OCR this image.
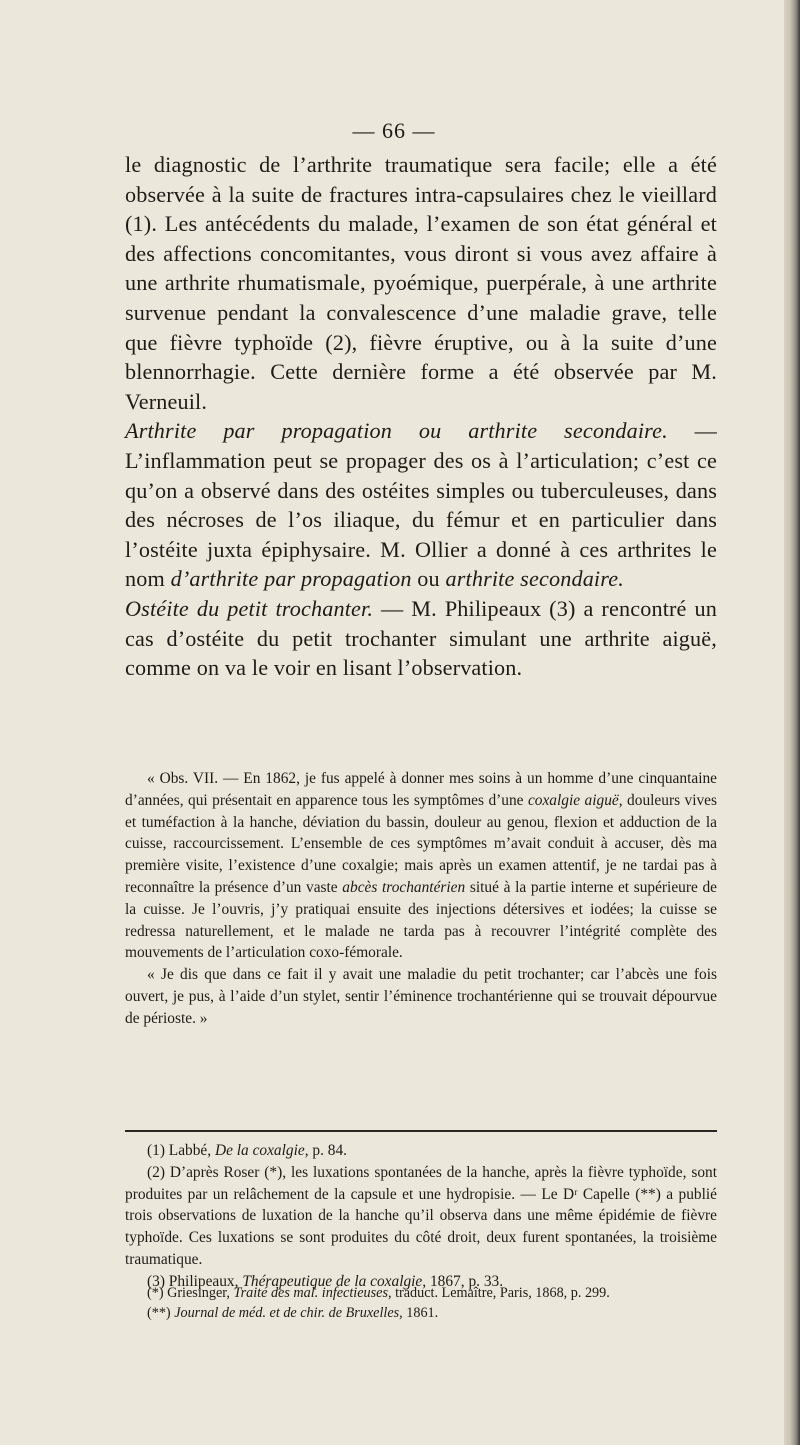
— 66 —

le diagnostic de l’arthrite traumatique sera facile; elle a été observée à la suite de fractures intra-capsulaires chez le vieillard (1). Les antécédents du malade, l’examen de son état général et des affections concomitantes, vous diront si vous avez affaire à une arthrite rhumatismale, pyoémique, puerpérale, à une arthrite survenue pendant la convalescence d’une maladie grave, telle que fièvre typhoïde (2), fièvre éruptive, ou à la suite d’une blennorrhagie. Cette dernière forme a été observée par M. Verneuil.

Arthrite par propagation ou arthrite secondaire. — L’inflammation peut se propager des os à l’articulation; c’est ce qu’on a observé dans des ostéites simples ou tuberculeuses, dans des nécroses de l’os iliaque, du fémur et en particulier dans l’ostéite juxta épiphysaire. M. Ollier a donné à ces arthrites le nom d’arthrite par propagation ou arthrite secondaire.

Ostéite du petit trochanter. — M. Philipeaux (3) a rencontré un cas d’ostéite du petit trochanter simulant une arthrite aiguë, comme on va le voir en lisant l’observation.

« Obs. VII. — En 1862, je fus appelé à donner mes soins à un homme d’une cinquantaine d’années, qui présentait en apparence tous les symptômes d’une coxalgie aiguë, douleurs vives et tuméfaction à la hanche, déviation du bassin, douleur au genou, flexion et adduction de la cuisse, raccourcissement. L’ensemble de ces symptômes m’avait conduit à accuser, dès ma première visite, l’existence d’une coxalgie; mais après un examen attentif, je ne tardai pas à reconnaître la présence d’un vaste abcès trochantérien situé à la partie interne et supérieure de la cuisse. Je l’ouvris, j’y pratiquai ensuite des injections détersives et iodées; la cuisse se redressa naturellement, et le malade ne tarda pas à recouvrer l’intégrité complète des mouvements de l’articulation coxo-fémorale.

« Je dis que dans ce fait il y avait une maladie du petit trochanter; car l’abcès une fois ouvert, je pus, à l’aide d’un stylet, sentir l’éminence trochantérienne qui se trouvait dépourvue de périoste. »

(1) Labbé, De la coxalgie, p. 84.

(2) D’après Roser (*), les luxations spontanées de la hanche, après la fièvre typhoïde, sont produites par un relâchement de la capsule et une hydropisie. — Le Dʳ Capelle (**) a publié trois observations de luxation de la hanche qu’il observa dans une même épidémie de fièvre typhoïde. Ces luxations se sont produites du côté droit, deux furent spontanées, la troisième traumatique.

(3) Philipeaux, Thérapeutique de la coxalgie, 1867, p. 33.

(*) Griesinger, Traité des mal. infectieuses, traduct. Lemaître, Paris, 1868, p. 299.

(**) Journal de méd. et de chir. de Bruxelles, 1861.
